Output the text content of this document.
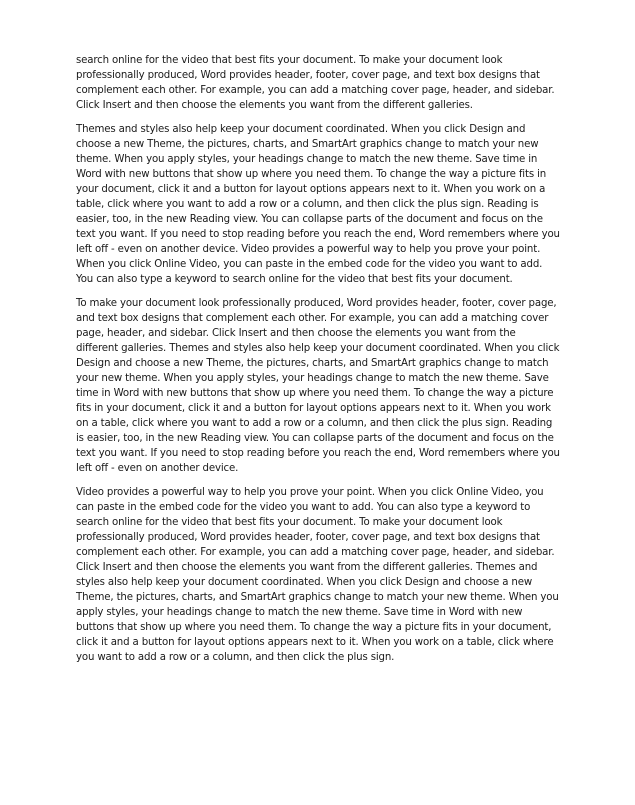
search online for the video that best fits your document. To make your document look professionally produced, Word provides header, footer, cover page, and text box designs that complement each other. For example, you can add a matching cover page, header, and sidebar. Click Insert and then choose the elements you want from the different galleries.

Themes and styles also help keep your document coordinated. When you click Design and choose a new Theme, the pictures, charts, and SmartArt graphics change to match your new theme. When you apply styles, your headings change to match the new theme. Save time in Word with new buttons that show up where you need them. To change the way a picture fits in your document, click it and a button for layout options appears next to it. When you work on a table, click where you want to add a row or a column, and then click the plus sign. Reading is easier, too, in the new Reading view. You can collapse parts of the document and focus on the text you want. If you need to stop reading before you reach the end, Word remembers where you left off - even on another device. Video provides a powerful way to help you prove your point. When you click Online Video, you can paste in the embed code for the video you want to add. You can also type a keyword to search online for the video that best fits your document.

To make your document look professionally produced, Word provides header, footer, cover page, and text box designs that complement each other. For example, you can add a matching cover page, header, and sidebar. Click Insert and then choose the elements you want from the different galleries. Themes and styles also help keep your document coordinated. When you click Design and choose a new Theme, the pictures, charts, and SmartArt graphics change to match your new theme. When you apply styles, your headings change to match the new theme. Save time in Word with new buttons that show up where you need them. To change the way a picture fits in your document, click it and a button for layout options appears next to it. When you work on a table, click where you want to add a row or a column, and then click the plus sign. Reading is easier, too, in the new Reading view. You can collapse parts of the document and focus on the text you want. If you need to stop reading before you reach the end, Word remembers where you left off - even on another device.

Video provides a powerful way to help you prove your point. When you click Online Video, you can paste in the embed code for the video you want to add. You can also type a keyword to search online for the video that best fits your document. To make your document look professionally produced, Word provides header, footer, cover page, and text box designs that complement each other. For example, you can add a matching cover page, header, and sidebar. Click Insert and then choose the elements you want from the different galleries. Themes and styles also help keep your document coordinated. When you click Design and choose a new Theme, the pictures, charts, and SmartArt graphics change to match your new theme. When you apply styles, your headings change to match the new theme. Save time in Word with new buttons that show up where you need them. To change the way a picture fits in your document, click it and a button for layout options appears next to it. When you work on a table, click where you want to add a row or a column, and then click the plus sign.
